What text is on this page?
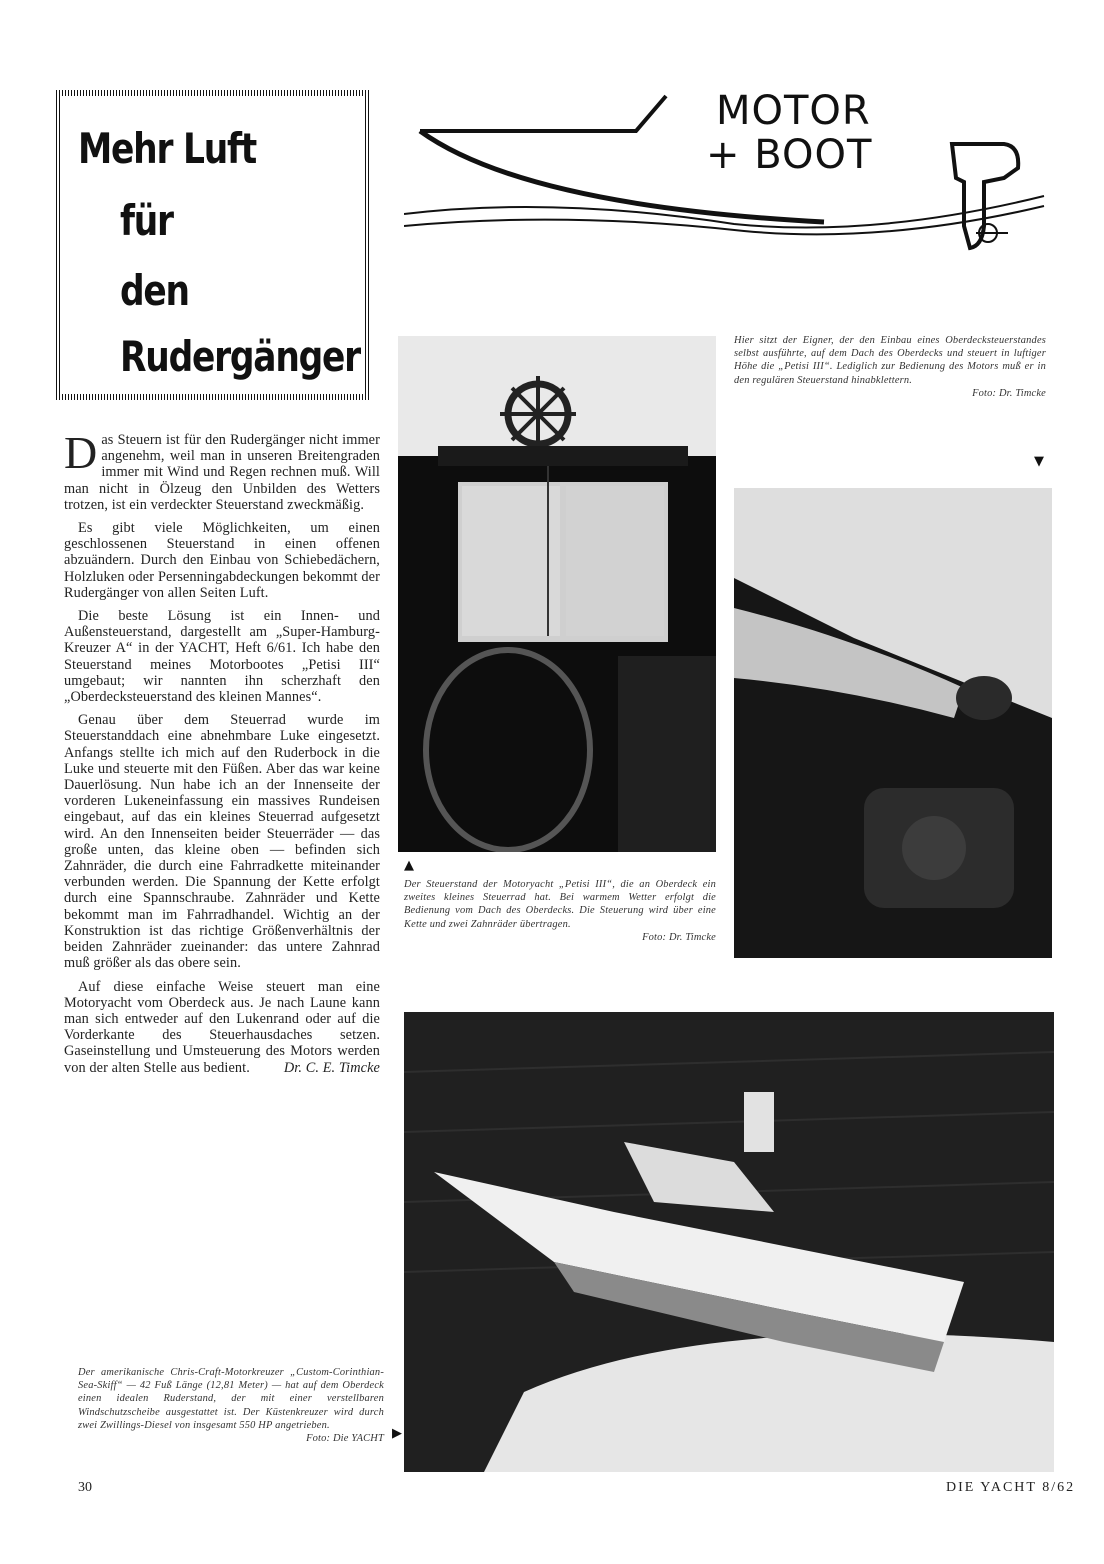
Mehr Luft
für
den
Rudergänger
MOTOR
+ BOOT

Das Steuern ist für den Rudergänger nicht immer angenehm, weil man in unseren Breitengraden immer mit Wind und Regen rechnen muß. Will man nicht in Ölzeug den Unbilden des Wetters trotzen, ist ein verdeckter Steuerstand zweckmäßig.

Es gibt viele Möglichkeiten, um einen geschlossenen Steuerstand in einen offenen abzuändern. Durch den Einbau von Schiebedächern, Holzluken oder Persenningabdeckungen bekommt der Rudergänger von allen Seiten Luft.

Die beste Lösung ist ein Innen- und Außensteuerstand, dargestellt am „Super-Hamburg-Kreuzer A“ in der YACHT, Heft 6/61. Ich habe den Steuerstand meines Motorbootes „Petisi III“ umgebaut; wir nannten ihn scherzhaft den „Oberdecksteuerstand des kleinen Mannes“.

Genau über dem Steuerrad wurde im Steuerstanddach eine abnehmbare Luke eingesetzt. Anfangs stellte ich mich auf den Ruderbock in die Luke und steuerte mit den Füßen. Aber das war keine Dauerlösung. Nun habe ich an der Innenseite der vorderen Lukeneinfassung ein massives Rundeisen eingebaut, auf das ein kleines Steuerrad aufgesetzt wird. An den Innenseiten beider Steuerräder — das große unten, das kleine oben — befinden sich Zahnräder, die durch eine Fahrradkette miteinander verbunden werden. Die Spannung der Kette erfolgt durch eine Spannschraube. Zahnräder und Kette bekommt man im Fahrradhandel. Wichtig an der Konstruktion ist das richtige Größenverhältnis der beiden Zahnräder zueinander: das untere Zahnrad muß größer als das obere sein.

Auf diese einfache Weise steuert man eine Motoryacht vom Oberdeck aus. Je nach Laune kann man sich entweder auf den Lukenrand oder auf die Vorderkante des Steuerhausdaches setzen. Gaseinstellung und Umsteuerung des Motors werden von der alten Stelle aus bedient.	Dr. C. E. Timcke

Hier sitzt der Eigner, der den Einbau eines Oberdecksteuerstandes selbst ausführte, auf dem Dach des Oberdecks und steuert in luftiger Höhe die „Petisi III“. Lediglich zur Bedienung des Motors muß er in den regulären Steuerstand hinabklettern.
Foto: Dr. Timcke
▼
▲
Der Steuerstand der Motoryacht „Petisi III“, die an Oberdeck ein zweites kleines Steuerrad hat. Bei warmem Wetter erfolgt die Bedienung vom Dach des Oberdecks. Die Steuerung wird über eine Kette und zwei Zahnräder übertragen.
Foto: Dr. Timcke
Der amerikanische Chris-Craft-Motorkreuzer „Custom-Corinthian-Sea-Skiff“ — 42 Fuß Länge (12,81 Meter) — hat auf dem Oberdeck einen idealen Ruderstand, der mit einer verstellbaren Windschutzscheibe ausgestattet ist. Der Küstenkreuzer wird durch zwei Zwillings-Diesel von insgesamt 550 HP angetrieben.
Foto: Die YACHT ▶
30	DIE YACHT 8/62
